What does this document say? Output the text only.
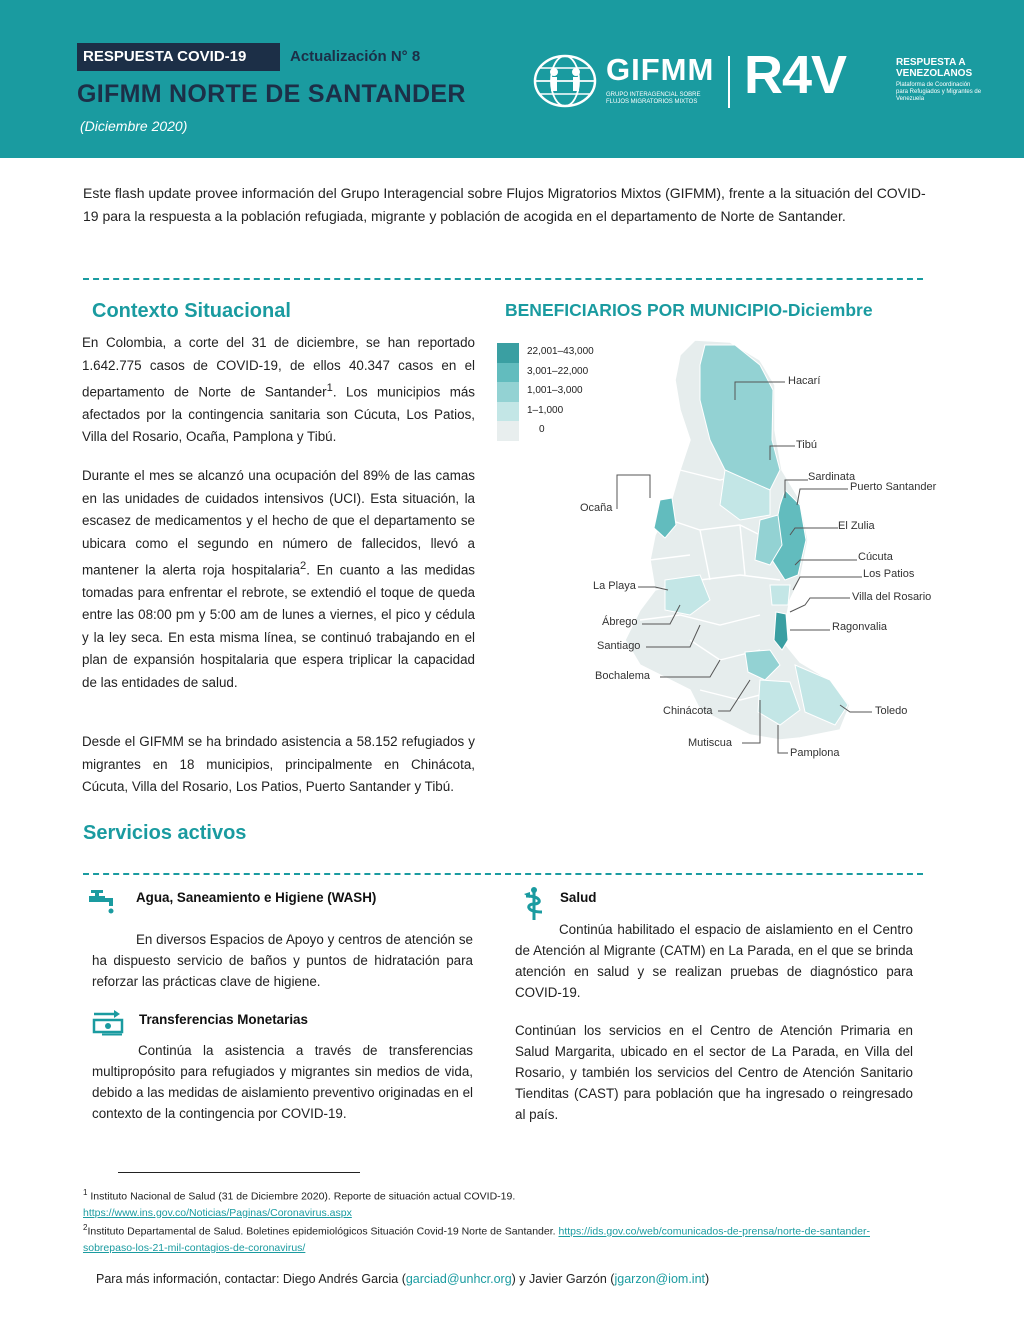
RESPUESTA COVID-19	Actualización N° 8
GIFMM NORTE DE SANTANDER
(Diciembre 2020)
GIFMM
GRUPO INTERAGENCIAL SOBRE FLUJOS MIGRATORIOS MIXTOS R4V	RESPUESTA A VENEZOLANOS
Plataforma de Coordinación para Refugiados y Migrantes de Venezuela

Este flash update provee información del Grupo Interagencial sobre Flujos Migratorios Mixtos (GIFMM), frente a la situación del COVID-19 para la respuesta a la población refugiada, migrante y población de acogida en el departamento de Norte de Santander.

Contexto Situacional

En Colombia, a corte del 31 de diciembre, se han reportado 1.642.775 casos de COVID-19, de ellos 40.347 casos en el departamento de Norte de Santander$^1$. Los municipios más afectados por la contingencia sanitaria son Cúcuta, Los Patios, Villa del Rosario, Ocaña, Pamplona y Tibú.

Durante el mes se alcanzó una ocupación del 89% de las camas en las unidades de cuidados intensivos (UCI). Esta situación, la escasez de medicamentos y el hecho de que el departamento se ubicara como el segundo en número de fallecidos, llevó a mantener la alerta roja hospitalaria$^2$. En cuanto a las medidas tomadas para enfrentar el rebrote, se extendió el toque de queda entre las 08:00 pm y 5:00 am de lunes a viernes, el pico y cédula y la ley seca. En esta misma línea, se continuó trabajando en el plan de expansión hospitalaria que espera triplicar la capacidad de las entidades de salud.

Desde el GIFMM se ha brindado asistencia a 58.152 refugiados y migrantes en 18 municipios, principalmente en Chinácota, Cúcuta, Villa del Rosario, Los Patios, Puerto Santander y Tibú.

BENEFICIARIOS POR MUNICIPIO-Diciembre
22,001–43,000
3,001–22,000
1,001–3,000
1–1,000
0
Hacarí
Tibú
Sardinata
Puerto Santander
Ocaña
El Zulia
Cúcuta
Los Patios
La Playa
Villa del Rosario
Ábrego	Ragonvalia
Santiago
Bochalema
Chinácota	Toledo
Mutiscua
Pamplona
Servicios activos
Agua, Saneamiento e Higiene (WASH)

En diversos Espacios de Apoyo y centros de atención se ha dispuesto servicio de baños y puntos de hidratación para reforzar las prácticas clave de higiene.

Transferencias Monetarias

Continúa la asistencia a través de transferencias multipropósito para refugiados y migrantes sin medios de vida, debido a las medidas de aislamiento preventivo originadas en el contexto de la contingencia por COVID-19.

Salud

Continúa habilitado el espacio de aislamiento en el Centro de Atención al Migrante (CATM) en La Parada, en el que se brinda atención en salud y se realizan pruebas de diagnóstico para COVID-19.

Continúan los servicios en el Centro de Atención Primaria en Salud Margarita, ubicado en el sector de La Parada, en Villa del Rosario, y también los servicios del Centro de Atención Sanitario Tienditas (CAST) para población que ha ingresado o reingresado al país.

$^1$ Instituto Nacional de Salud (31 de Diciembre 2020). Reporte de situación actual COVID-19.
https://www.ins.gov.co/Noticias/Paginas/Coronavirus.aspx
$^2$Instituto Departamental de Salud. Boletines epidemiológicos Situación Covid-19 Norte de Santander. https://ids.gov.co/web/comunicados-de-prensa/norte-de-santander-sobrepaso-los-21-mil-contagios-de-coronavirus/
Para más información, contactar: Diego Andrés Garcia (garciad@unhcr.org) y Javier Garzón (jgarzon@iom.int)
